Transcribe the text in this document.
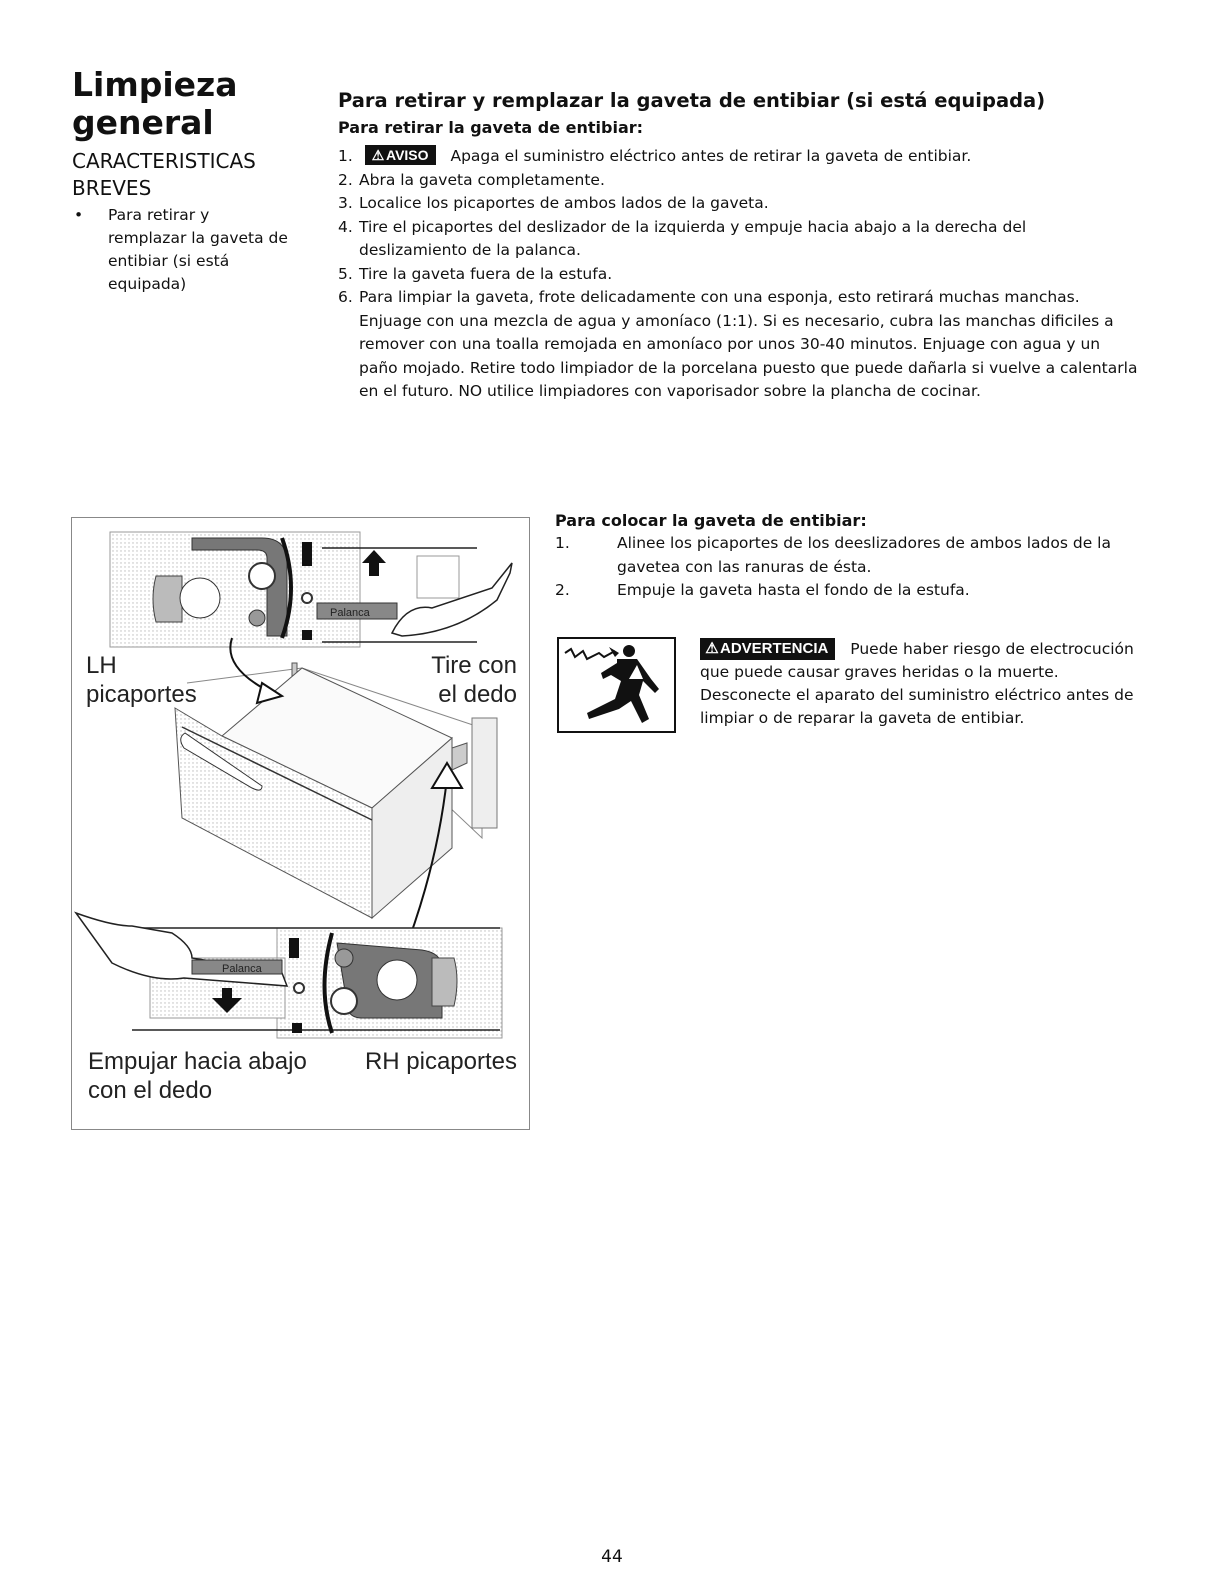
Limpieza general
CARACTERISTICAS BREVES
• Para retirar y remplazar la gaveta de entibiar (si está equipada)
Para retirar y remplazar la gaveta de entibiar (si está equipada)
Para retirar la gaveta de entibiar:
1. ⚠ AVISO Apaga el suministro eléctrico antes de retirar la gaveta de entibiar.
2. Abra la gaveta completamente.
3. Localice los picaportes de ambos lados de la gaveta.
4. Tire el picaportes del deslizador de la izquierda y empuje hacia abajo a la derecha del deslizamiento de la palanca.
5. Tire la gaveta fuera de la estufa.
6. Para limpiar la gaveta, frote delicadamente con una esponja, esto retirará muchas manchas. Enjuage con una mezcla de agua y amoníaco (1:1). Si es necesario, cubra las manchas dificiles a remover con una toalla remojada en amoníaco por unos 30-40 minutos. Enjuage con agua y un paño mojado. Retire todo limpiador de la porcelana puesto que puede dañarla si vuelve a calentarla en el futuro. NO utilice limpiadores con vaporisador sobre la plancha de cocinar.
Palanca
Palanca
LH
picaportes
Tire con
el dedo
Empujar hacia abajo
con el dedo
RH picaportes
Para colocar la gaveta de entibiar:
1.	Alinee los picaportes de los deeslizadores de ambos lados de la gavetea con las ranuras de ésta.
2.	Empuje la gaveta hasta el fondo de la estufa.
⚠ADVERTENCIA Puede haber riesgo de electrocución que puede causar graves heridas o la muerte. Desconecte el aparato del suministro eléctrico antes de limpiar o de reparar la gaveta de entibiar.
44
